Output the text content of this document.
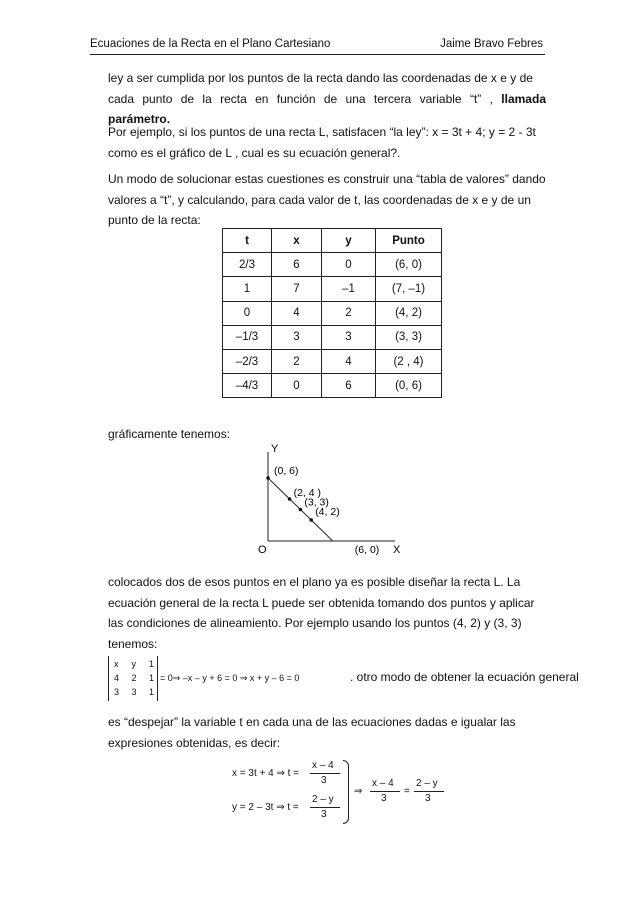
Ecuaciones de la Recta en el Plano Cartesiano	Jaime Bravo Febres
ley a ser cumplida por los puntos de la recta dando las coordenadas de x e y de
cada punto de la recta en función de una tercera variable “t” , llamada parámetro.
Por ejemplo, si los puntos de una recta L, satisfacen “la ley”: x = 3t + 4; y = 2 - 3t
como es el gráfico de L , cual es su ecuación general?.
Un modo de solucionar estas cuestiones es construir una “tabla de valores” dando
valores a “t”, y calculando, para cada valor de t, las coordenadas de x e y de un
punto de la recta:
t	x	y	Punto
2/3	6	0	(6, 0)
1	7	–1	(7, –1)
0	4	2	(4, 2)
–1/3	3	3	(3, 3)
–2/3	2	4	(2 , 4)
–4/3	0	6	(0, 6)
gráficamente tenemos:
Y
X
O
(0, 6)
(2, 4 )
(3, 3)
(4, 2)
(6, 0)
colocados dos de esos puntos en el plano ya es posible diseñar la recta L. La
ecuación general de la recta L puede ser obtenida tomando dos puntos y aplicar
las condiciones de alineamiento. Por ejemplo usando los puntos (4, 2) y (3, 3)
tenemos:
x y 1
4 2 1
3 3 1
= 0⇒ –x – y + 6 = 0 ⇒ x + y – 6 = 0	. otro modo de obtener la ecuación general
es “despejar” la variable t en cada una de las ecuaciones dadas e igualar las
expresiones obtenidas, es decir:
x = 3t + 4 ⇒ t =
x – 4
3
y = 2 – 3t ⇒ t =
2 – y
3
⇒
x – 4
3
=
2 – y
3
